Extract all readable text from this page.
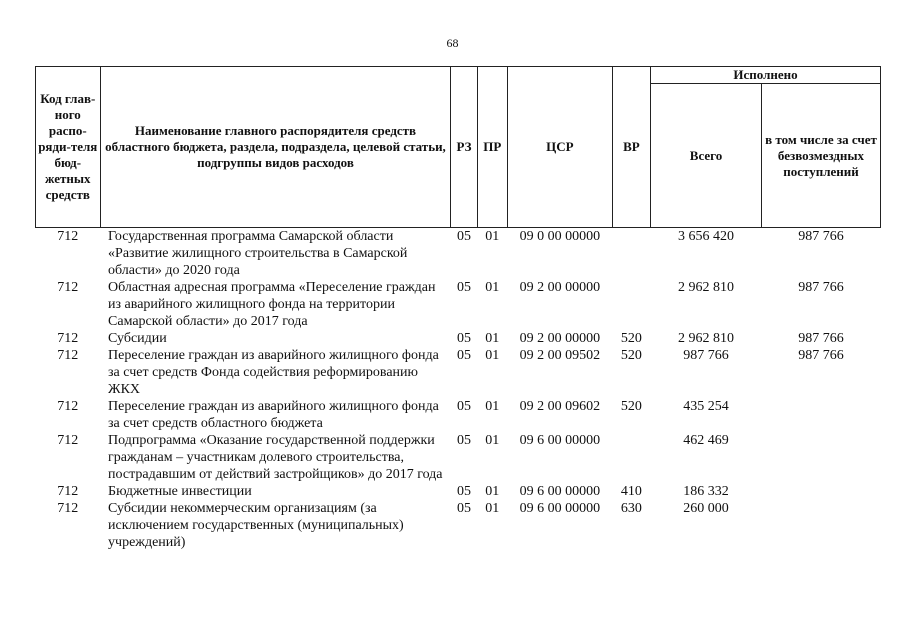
68
Код глав-ного распо-ряди-теля бюд-жетных средств	Наименование главного распорядителя средств областного бюджета, раздела, подраздела, целевой статьи, подгруппы видов расходов	РЗ	ПР	ЦСР	ВР	Исполнено	
						Всего	в том числе за счет безвозмездных поступлений
712	Государственная программа Самарской области «Развитие жилищного строительства в Самарской области» до 2020 года	05	01	09 0 00 00000		3 656 420	987 766
712	Областная адресная программа «Переселение граждан из аварийного жилищного фонда на территории Самарской области» до 2017 года	05	01	09 2 00 00000		2 962 810	987 766
712	Субсидии	05	01	09 2 00 00000	520	2 962 810	987 766
712	Переселение граждан из аварийного жилищного фонда за счет средств Фонда содействия реформированию ЖКХ	05	01	09 2 00 09502	520	987 766	987 766
712	Переселение граждан из аварийного жилищного фонда за счет средств областного бюджета	05	01	09 2 00 09602	520	435 254	
712	Подпрограмма «Оказание государственной поддержки гражданам – участникам долевого строительства, пострадавшим от действий застройщиков» до 2017 года	05	01	09 6 00 00000		462 469	
712	Бюджетные инвестиции	05	01	09 6 00 00000	410	186 332	
712	Субсидии некоммерческим организациям (за исключением государственных (муниципальных) учреждений)	05	01	09 6 00 00000	630	260 000	
